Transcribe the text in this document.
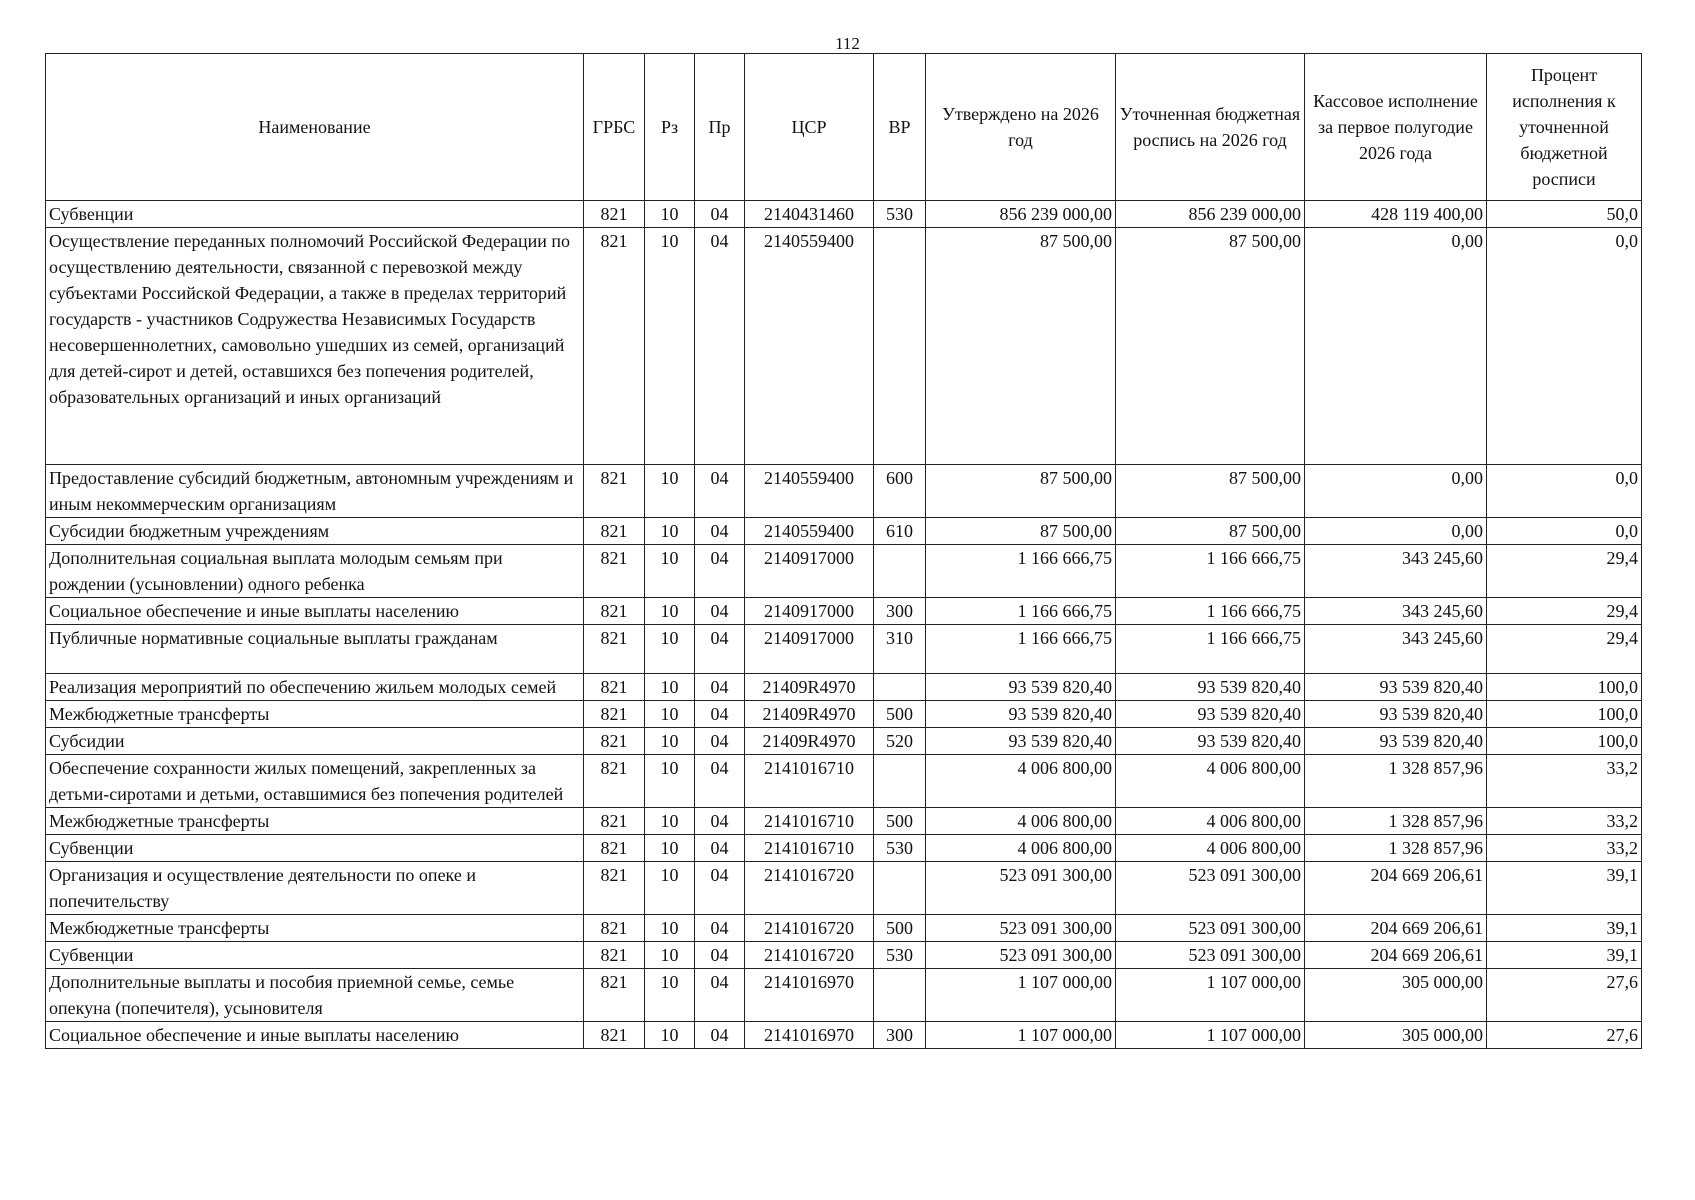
112
Наименование	ГРБС	Рз	Пр	ЦСР	ВР	Утверждено на 2026 год	Уточненная бюджетная роспись на 2026 год	Кассовое исполнение за первое полугодие 2026 года	Процент исполнения к уточненной бюджетной росписи
Субвенции	821	10	04	2140431460	530	856 239 000,00	856 239 000,00	428 119 400,00	50,0
Осуществление переданных полномочий Российской Федерации по осуществлению деятельности, связанной с перевозкой между субъектами Российской Федерации, а также в пределах территорий государств - участников Содружества Независимых Государств несовершеннолетних, самовольно ушедших из семей, организаций для детей-сирот и детей, оставшихся без попечения родителей, образовательных организаций и иных организаций	821	10	04	2140559400		87 500,00	87 500,00	0,00	0,0
Предоставление субсидий бюджетным, автономным учреждениям и иным некоммерческим организациям	821	10	04	2140559400	600	87 500,00	87 500,00	0,00	0,0
Субсидии бюджетным учреждениям	821	10	04	2140559400	610	87 500,00	87 500,00	0,00	0,0
Дополнительная социальная выплата молодым семьям при рождении (усыновлении) одного ребенка	821	10	04	2140917000		1 166 666,75	1 166 666,75	343 245,60	29,4
Социальное обеспечение и иные выплаты населению	821	10	04	2140917000	300	1 166 666,75	1 166 666,75	343 245,60	29,4
Публичные нормативные социальные выплаты гражданам	821	10	04	2140917000	310	1 166 666,75	1 166 666,75	343 245,60	29,4
Реализация мероприятий по обеспечению жильем молодых семей	821	10	04	21409R4970		93 539 820,40	93 539 820,40	93 539 820,40	100,0
Межбюджетные трансферты	821	10	04	21409R4970	500	93 539 820,40	93 539 820,40	93 539 820,40	100,0
Субсидии	821	10	04	21409R4970	520	93 539 820,40	93 539 820,40	93 539 820,40	100,0
Обеспечение сохранности жилых помещений, закрепленных за детьми-сиротами и детьми, оставшимися без попечения родителей	821	10	04	2141016710		4 006 800,00	4 006 800,00	1 328 857,96	33,2
Межбюджетные трансферты	821	10	04	2141016710	500	4 006 800,00	4 006 800,00	1 328 857,96	33,2
Субвенции	821	10	04	2141016710	530	4 006 800,00	4 006 800,00	1 328 857,96	33,2
Организация и осуществление деятельности по опеке и попечительству	821	10	04	2141016720		523 091 300,00	523 091 300,00	204 669 206,61	39,1
Межбюджетные трансферты	821	10	04	2141016720	500	523 091 300,00	523 091 300,00	204 669 206,61	39,1
Субвенции	821	10	04	2141016720	530	523 091 300,00	523 091 300,00	204 669 206,61	39,1
Дополнительные выплаты и пособия приемной семье, семье опекуна (попечителя), усыновителя	821	10	04	2141016970		1 107 000,00	1 107 000,00	305 000,00	27,6
Социальное обеспечение и иные выплаты населению	821	10	04	2141016970	300	1 107 000,00	1 107 000,00	305 000,00	27,6
